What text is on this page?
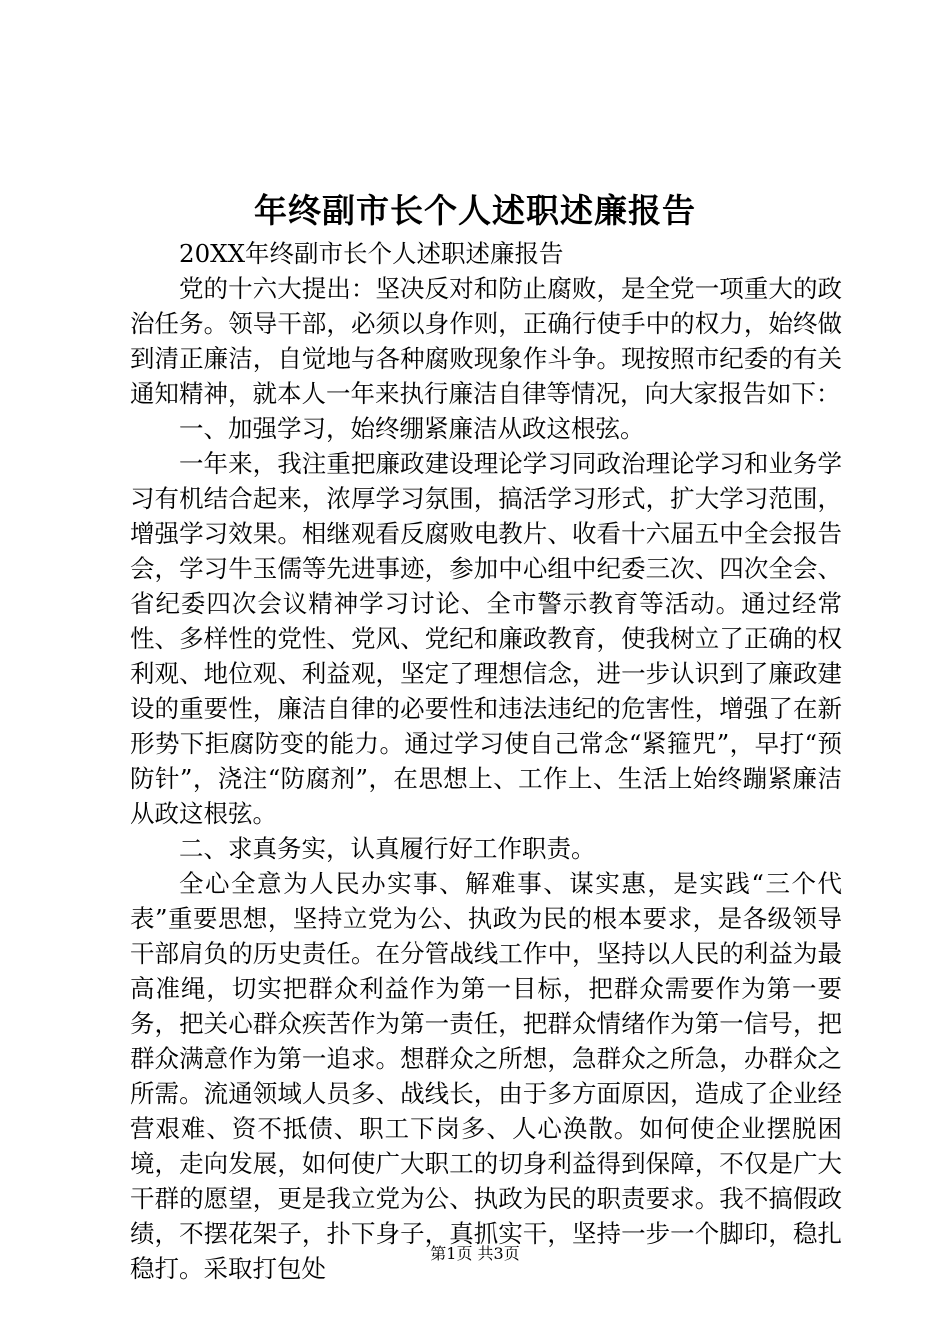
年终副市长个人述职述廉报告

20XX年终副市长个人述职述廉报告

党的十六大提出：坚决反对和防止腐败，是全党一项重大的政治任务。领导干部，必须以身作则，正确行使手中的权力，始终做到清正廉洁，自觉地与各种腐败现象作斗争。现按照市纪委的有关通知精神，就本人一年来执行廉洁自律等情况，向大家报告如下：

一、加强学习，始终绷紧廉洁从政这根弦。

一年来，我注重把廉政建设理论学习同政治理论学习和业务学习有机结合起来，浓厚学习氛围，搞活学习形式，扩大学习范围，增强学习效果。相继观看反腐败电教片、收看十六届五中全会报告会，学习牛玉儒等先进事迹，参加中心组中纪委三次、四次全会、省纪委四次会议精神学习讨论、全市警示教育等活动。通过经常性、多样性的党性、党风、党纪和廉政教育，使我树立了正确的权利观、地位观、利益观，坚定了理想信念，进一步认识到了廉政建设的重要性，廉洁自律的必要性和违法违纪的危害性，增强了在新形势下拒腐防变的能力。通过学习使自己常念“紧箍咒”，早打“预防针”，浇注“防腐剂”，在思想上、工作上、生活上始终蹦紧廉洁从政这根弦。

二、求真务实，认真履行好工作职责。

全心全意为人民办实事、解难事、谋实惠，是实践“三个代表”重要思想，坚持立党为公、执政为民的根本要求，是各级领导干部肩负的历史责任。在分管战线工作中，坚持以人民的利益为最高准绳，切实把群众利益作为第一目标，把群众需要作为第一要务，把关心群众疾苦作为第一责任，把群众情绪作为第一信号，把群众满意作为第一追求。想群众之所想，急群众之所急，办群众之所需。流通领域人员多、战线长，由于多方面原因，造成了企业经营艰难、资不抵债、职工下岗多、人心涣散。如何使企业摆脱困境，走向发展，如何使广大职工的切身利益得到保障，不仅是广大干群的愿望，更是我立党为公、执政为民的职责要求。我不搞假政绩，不摆花架子，扑下身子，真抓实干，坚持一步一个脚印，稳扎稳打。采取打包处

第1页 共3页
